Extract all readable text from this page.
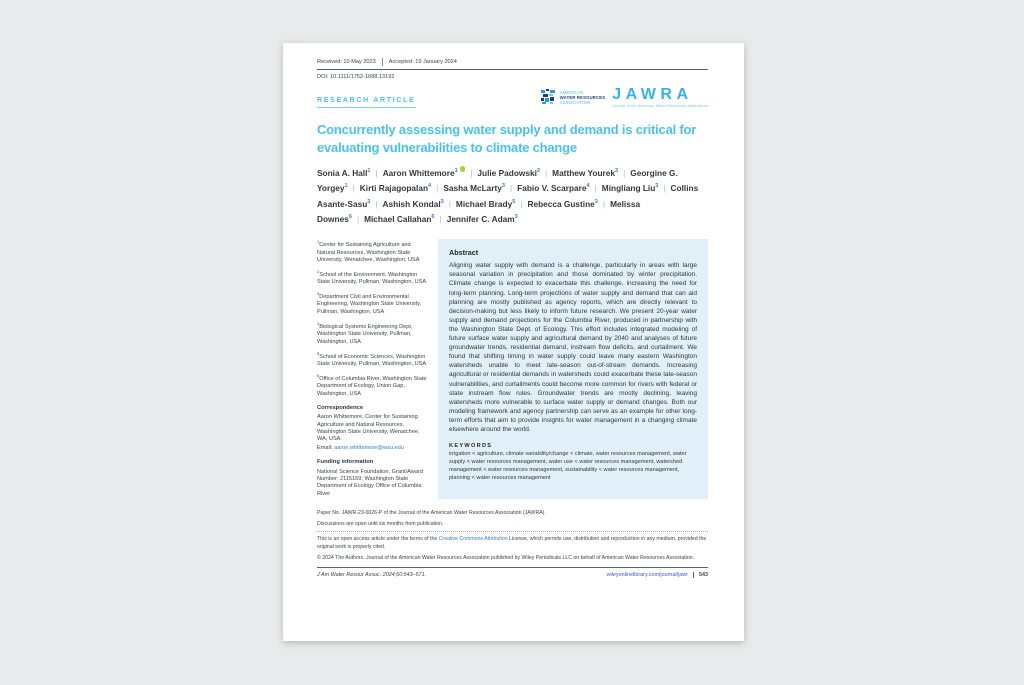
Received: 10 May 2023 Accepted: 19 January 2024
DOI: 10.1111/1752-1688.13192
RESEARCH ARTICLE
AMERICAN
WATER RESOURCES
ASSOCIATION	JAWRA
Journal of the American Water Resources Association
Concurrently assessing water supply and demand is critical for evaluating vulnerabilities to climate change
Sonia A. Hall$^1$ | Aaron Whittemore$^1$ | Julie Padowski$^2$ | Matthew Yourek$^3$ | Georgine G. Yorgey$^1$ | Kirti Rajagopalan$^4$ | Sasha McLarty$^3$ | Fabio V. Scarpare$^4$ | Mingliang Liu$^3$ | Collins Asante-Sasu$^3$ | Ashish Kondal$^3$ | Michael Brady$^5$ | Rebecca Gustine$^3$ | Melissa Downes$^6$ | Michael Callahan$^6$ | Jennifer C. Adam$^3$
$^1$Center for Sustaining Agriculture and Natural Resources, Washington State University, Wenatchee, Washington, USA
$^2$School of the Environment, Washington State University, Pullman, Washington, USA
$^3$Department Civil and Environmental Engineering, Washington State University, Pullman, Washington, USA
$^4$Biological Systems Engineering Dept, Washington State University, Pullman, Washington, USA
$^5$School of Economic Sciences, Washington State University, Pullman, Washington, USA
$^6$Office of Columbia River, Washington State Department of Ecology, Union Gap, Washington, USA
Correspondence
Aaron Whittemore, Center for Sustaining Agriculture and Natural Resources, Washington State University, Wenatchee, WA, USA.
Email: aaron.whittemore@wsu.edu
Funding information
National Science Foundation, Grant/Award Number: 2115169; Washington State Department of Ecology Office of Columbia River
Abstract

Aligning water supply with demand is a challenge, particularly in areas with large seasonal variation in precipitation and those dominated by winter precipitation. Climate change is expected to exacerbate this challenge, increasing the need for long-term planning. Long-term projections of water supply and demand that can aid planning are mostly published as agency reports, which are directly relevant to decision-making but less likely to inform future research. We present 20-year water supply and demand projections for the Columbia River, produced in partnership with the Washington State Dept. of Ecology. This effort includes integrated modeling of future surface water supply and agricultural demand by 2040 and analyses of future groundwater trends, residential demand, instream flow deficits, and curtailment. We found that shifting timing in water supply could leave many eastern Washington watersheds unable to meet late-season out-of-stream demands. Increasing agricultural or residential demands in watersheds could exacerbate these late-season vulnerabilities, and curtailments could become more common for rivers with federal or state instream flow rules. Groundwater trends are mostly declining, leaving watersheds more vulnerable to surface water supply or demand changes. Both our modeling framework and agency partnership can serve as an example for other long-term efforts that aim to provide insights for water management in a changing climate elsewhere around the world.

KEYWORDS

irrigation < agriculture, climate variability/change < climate, water resources management, water supply < water resources management, water use < water resources management, watershed management < water resources management, sustainability < water resources management, planning < water resources management

Paper No. JAWR-23-0026-P of the Journal of the American Water Resources Association (JAWRA).
Discussions are open until six months from publication.
This is an open access article under the terms of the Creative Commons Attribution License, which permits use, distribution and reproduction in any medium, provided the original work is properly cited.
© 2024 The Authors. Journal of the American Water Resources Association published by Wiley Periodicals LLC on behalf of American Water Resources Association.
J Am Water Resour Assoc. 2024;60:543–571.	wileyonlinelibrary.com/journal/jawr	543
